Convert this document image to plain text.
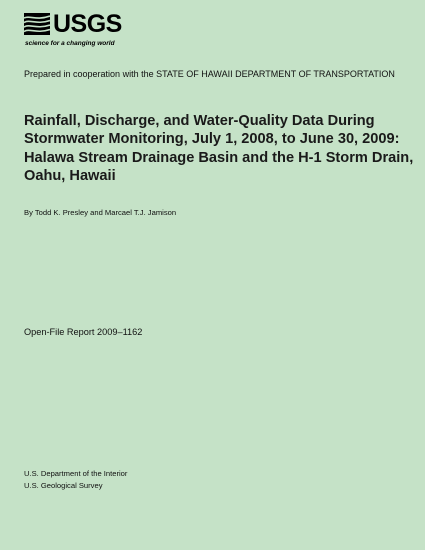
USGS
science for a changing world
Prepared in cooperation with the STATE OF HAWAII DEPARTMENT OF TRANSPORTATION
Rainfall, Discharge, and Water-Quality Data During
Stormwater Monitoring, July 1, 2008, to June 30, 2009:
Halawa Stream Drainage Basin and the H-1 Storm Drain,
Oahu, Hawaii
By Todd K. Presley and Marcael T.J. Jamison
Open-File Report 2009–1162
U.S. Department of the Interior
U.S. Geological Survey
